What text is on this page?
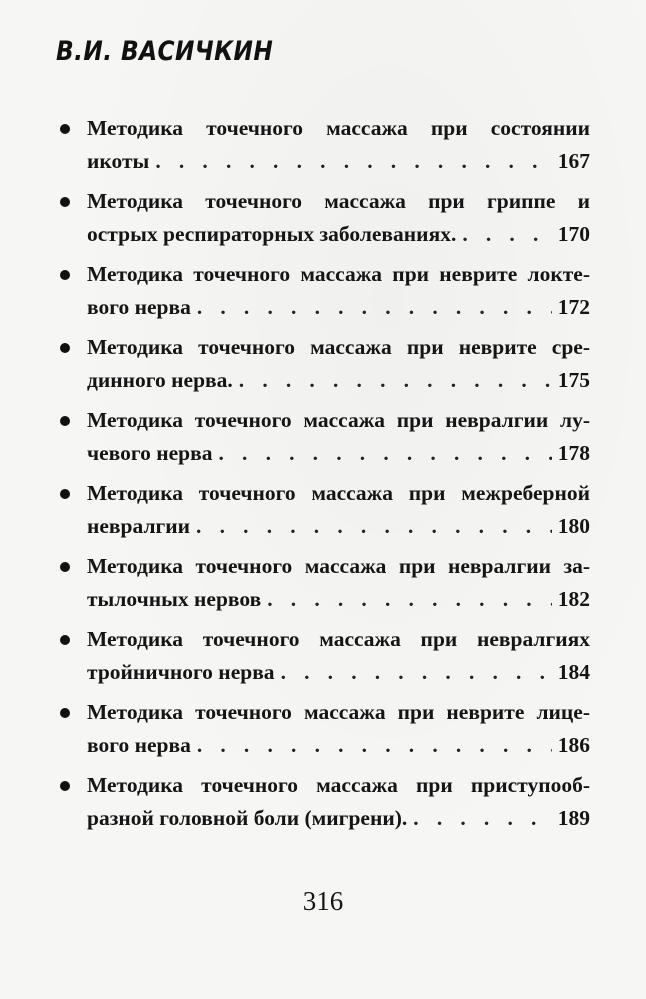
В.И. ВАСИЧКИН
Методика точечного массажа при состоянии
икоты . . .	167
Методика точечного массажа при гриппе и
острых респираторных заболеваниях. . . .	170
Методика точечного массажа при неврите локте-
вого нерва . . .	172
Методика точечного массажа при неврите сре-
динного нерва. . . .	175
Методика точечного массажа при невралгии лу-
чевого нерва . . .	178
Методика точечного массажа при межреберной
невралгии . . .	180
Методика точечного массажа при невралгии за-
тылочных нервов . . .	182
Методика точечного массажа при невралгиях
тройничного нерва . . .	184
Методика точечного массажа при неврите лице-
вого нерва . . .	186
Методика точечного массажа при приступооб-
разной головной боли (мигрени). . . .	189
316
